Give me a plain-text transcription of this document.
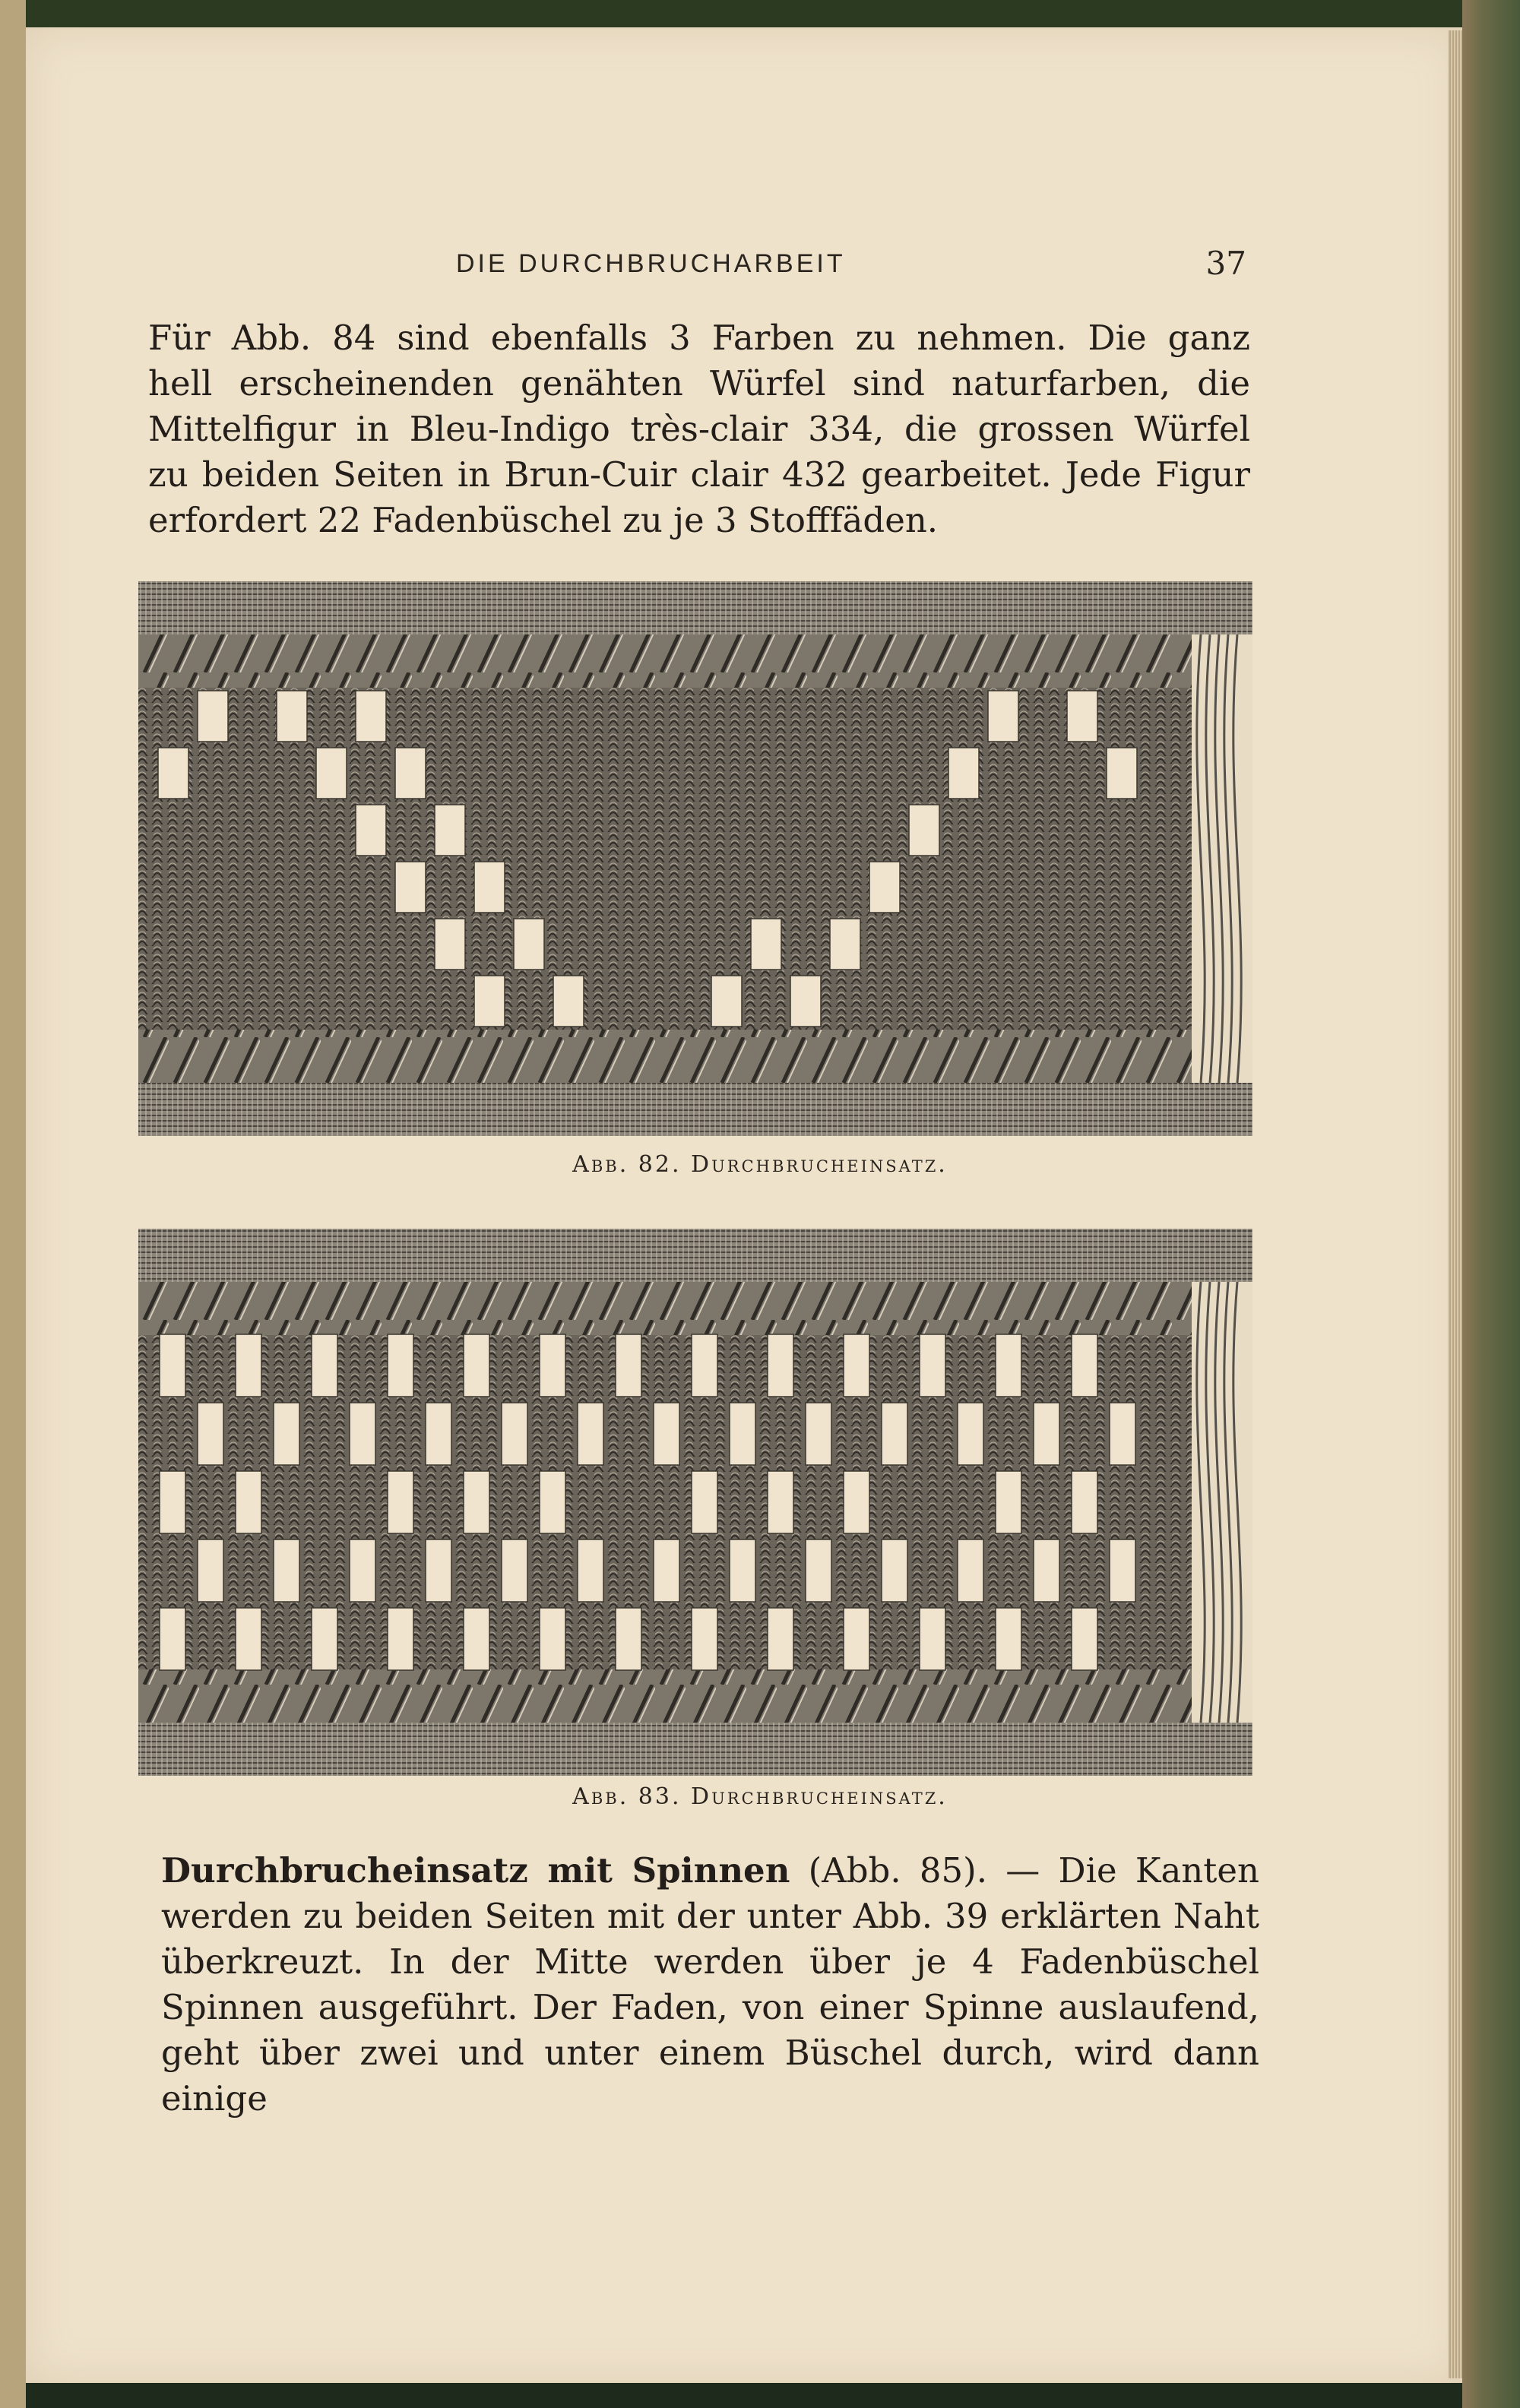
DIE DURCHBRUCHARBEIT	37
Für Abb. 84 sind ebenfalls 3 Farben zu nehmen. Die ganz
hell erscheinenden genähten Würfel sind naturfarben, die
Mittelfigur in Bleu-Indigo très-clair 334, die grossen Würfel
zu beiden Seiten in Brun-Cuir clair 432 gearbeitet. Jede Figur
erfordert 22 Fadenbüschel zu je 3 Stofffäden.
Abb. 82. Durchbrucheinsatz.
Abb. 83. Durchbrucheinsatz.
Durchbrucheinsatz mit Spinnen (Abb. 85). — Die Kanten
werden zu beiden Seiten mit der unter Abb. 39 erklärten Naht
überkreuzt. In der Mitte werden über je 4 Fadenbüschel
Spinnen ausgeführt. Der Faden, von einer Spinne auslaufend,
geht über zwei und unter einem Büschel durch, wird dann einige
